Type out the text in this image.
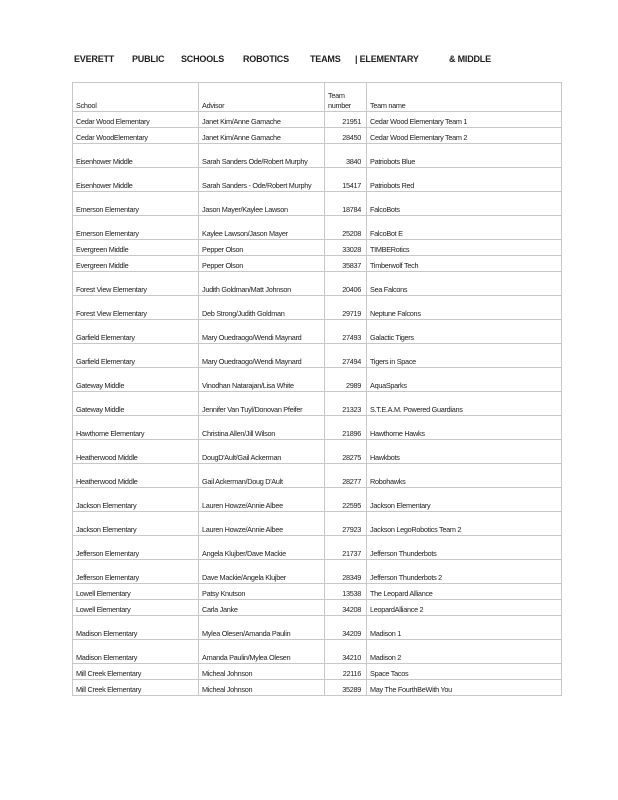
EVERETT PUBLIC SCHOOLS ROBOTICS TEAMS | ELEMENTARY	& MIDDLE
School	Advisor	Team number	Team name
Cedar Wood Elementary	Janet Kim/Anne Gamache	21951	Cedar Wood Elementary Team 1
Cedar WoodElementary	Janet Kim/Anne Gamache	28450	Cedar Wood Elementary Team 2
Eisenhower Middle	Sarah Sanders Ode/Robert Murphy	3840	Patriobots Blue
Eisenhower Middle	Sarah Sanders - Ode/Robert Murphy	15417	Patriobots Red
Emerson Elementary	Jason Mayer/Kaylee Lawson	18784	FalcoBots
Emerson Elementary	Kaylee Lawson/Jason Mayer	25208	FalcoBot E
Evergreen Middle	Pepper Olson	33028	TIMBERotics
Evergreen Middle	Pepper Olson	35837	Timberwolf Tech
Forest View Elementary	Judith Goldman/Matt Johnson	20406	Sea Falcons
Forest View Elementary	Deb Strong/Judith Goldman	29719	Neptune Falcons
Garfield Elementary	Mary Ouedraogo/Wendi Maynard	27493	Galactic Tigers
Garfield Elementary	Mary Ouedraogo/Wendi Maynard	27494	Tigers in Space
Gateway Middle	Vinodhan Natarajan/Lisa White	2989	AquaSparks
Gateway Middle	Jennifer Van Tuyl/Donovan Pfeifer	21323	S.T.E.A.M. Powered Guardians
Hawthorne Elementary	Christina Allen/Jill Wilson	21896	Hawthorne Hawks
Heatherwood Middle	DougD'Ault/Gail Ackerman	28275	Hawkbots
Heatherwood Middle	Gail Ackerman/Doug D'Ault	28277	Robohawks
Jackson Elementary	Lauren Howze/Annie Albee	22595	Jackson Elementary
Jackson Elementary	Lauren Howze/Annie Albee	27923	Jackson LegoRobotics Team 2
Jefferson Elementary	Angela Klujber/Dave Mackie	21737	Jefferson Thunderbots
Jefferson Elementary	Dave Mackie/Angela Klujber	28349	Jefferson Thunderbots 2
Lowell Elementary	Patsy Knutson	13538	The Leopard Alliance
Lowell Elementary	Carla Janke	34208	LeopardAlliance 2
Madison Elementary	Mylea Olesen/Amanda Paulin	34209	Madison 1
Madison Elementary	Amanda Paulin/Mylea Olesen	34210	Madison 2
Mill Creek Elementary	Micheal Johnson	22116	Space Tacos
Mill Creek Elementary	Micheal Johnson	35289	May The FourthBeWith You
